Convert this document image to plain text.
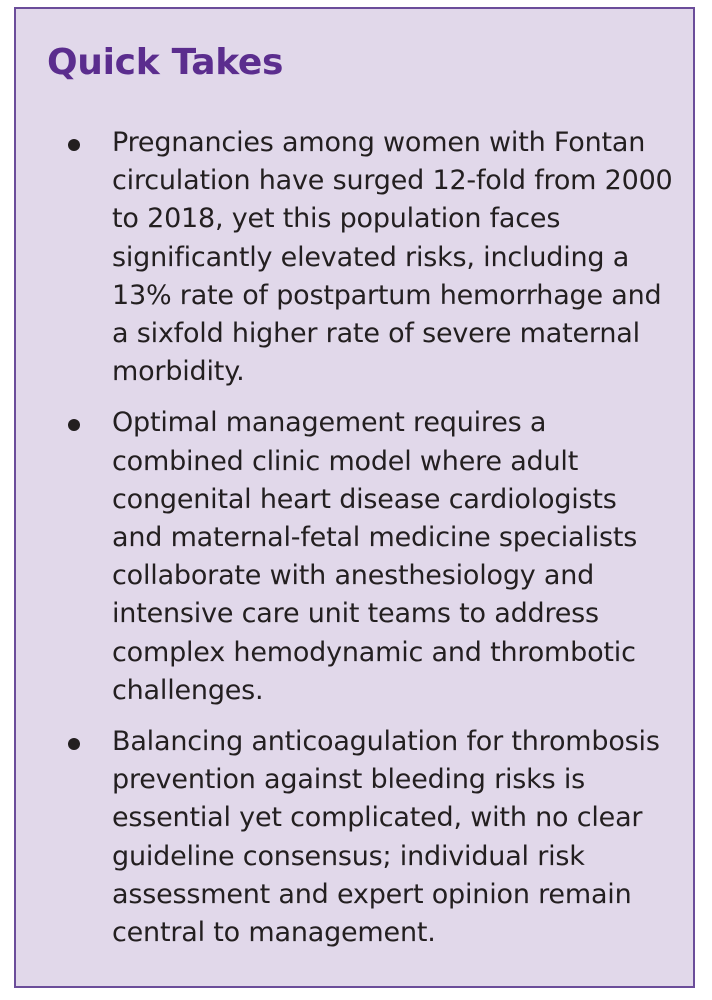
Quick Takes
Pregnancies among women with Fontan circulation have surged 12-fold from 2000 to 2018, yet this population faces significantly elevated risks, including a 13% rate of postpartum hemorrhage and a sixfold higher rate of severe maternal morbidity.
Optimal management requires a combined clinic model where adult congenital heart disease cardiologists and maternal-fetal medicine specialists collaborate with anesthesiology and intensive care unit teams to address complex hemodynamic and thrombotic challenges.
Balancing anticoagulation for thrombosis prevention against bleeding risks is essential yet complicated, with no clear guideline consensus; individual risk assessment and expert opinion remain central to management.
